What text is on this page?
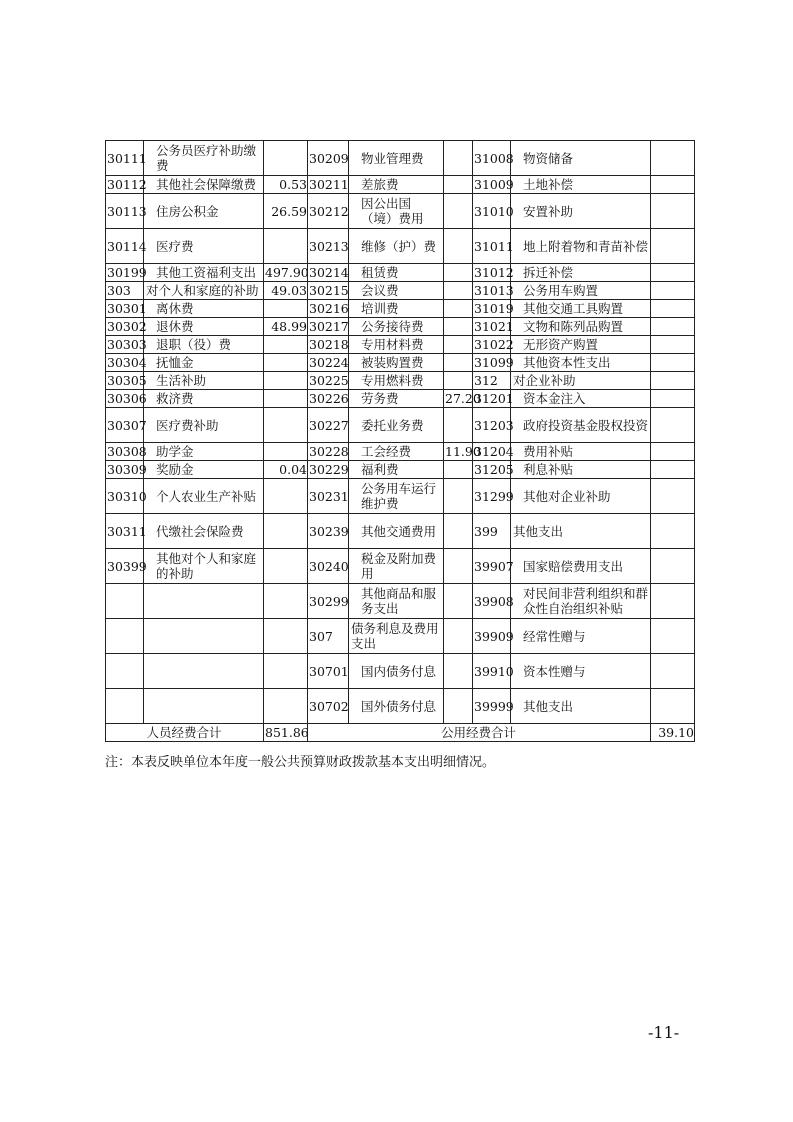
30111	公务员医疗补助缴费		30209	物业管理费		31008	物资储备	
30112	其他社会保障缴费	0.53	30211	差旅费		31009	土地补偿	
30113	住房公积金	26.59	30212	因公出国（境）费用		31010	安置补助	
30114	医疗费		30213	维修（护）费		31011	地上附着物和青苗补偿	
30199	其他工资福利支出	497.90	30214	租赁费		31012	拆迁补偿	
303	对个人和家庭的补助	49.03	30215	会议费		31013	公务用车购置	
30301	离休费		30216	培训费		31019	其他交通工具购置	
30302	退休费	48.99	30217	公务接待费		31021	文物和陈列品购置	
30303	退职（役）费		30218	专用材料费		31022	无形资产购置	
30304	抚恤金		30224	被装购置费		31099	其他资本性支出	
30305	生活补助		30225	专用燃料费		312	对企业补助	
30306	救济费		30226	劳务费	27.20	31201	资本金注入	
30307	医疗费补助		30227	委托业务费		31203	政府投资基金股权投资	
30308	助学金		30228	工会经费	11.90	31204	费用补贴	
30309	奖励金	0.04	30229	福利费		31205	利息补贴	
30310	个人农业生产补贴		30231	公务用车运行维护费		31299	其他对企业补助	
30311	代缴社会保险费		30239	其他交通费用		399	其他支出	
30399	其他对个人和家庭的补助		30240	税金及附加费用		39907	国家赔偿费用支出	
			30299	其他商品和服务支出		39908	对民间非营利组织和群众性自治组织补贴	
			307	债务利息及费用支出		39909	经常性赠与	
			30701	国内债务付息		39910	资本性赠与	
			30702	国外债务付息		39999	其他支出	
人员经费合计		851.86	公用经费合计					39.10
注：本表反映单位本年度一般公共预算财政拨款基本支出明细情况。
-11-
